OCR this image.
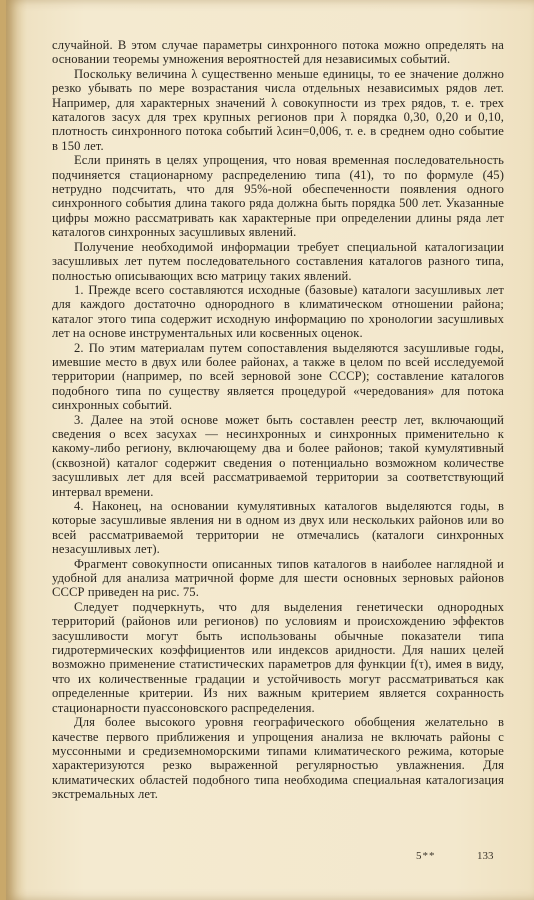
случайной. В этом случае параметры синхронного потока можно определять на основании теоремы умножения вероятностей для независимых событий.

Поскольку величина λ существенно меньше единицы, то ее значение должно резко убывать по мере возрастания числа отдельных независимых рядов лет. Например, для характерных значений λ совокупности из трех рядов, т. е. трех каталогов засух для трех крупных регионов при λ порядка 0,30, 0,20 и 0,10, плотность синхронного потока событий λсин=0,006, т. е. в среднем одно событие в 150 лет.

Если принять в целях упрощения, что новая временная последовательность подчиняется стационарному распределению типа (41), то по формуле (45) нетрудно подсчитать, что для 95%-ной обеспеченности появления одного синхронного события длина такого ряда должна быть порядка 500 лет. Указанные цифры можно рассматривать как характерные при определении длины ряда лет каталогов синхронных засушливых явлений.

Получение необходимой информации требует специальной каталогизации засушливых лет путем последовательного составления каталогов разного типа, полностью описывающих всю матрицу таких явлений.

1. Прежде всего составляются исходные (базовые) каталоги засушливых лет для каждого достаточно однородного в климатическом отношении района; каталог этого типа содержит исходную информацию по хронологии засушливых лет на основе инструментальных или косвенных оценок.

2. По этим материалам путем сопоставления выделяются засушливые годы, имевшие место в двух или более районах, а также в целом по всей исследуемой территории (например, по всей зерновой зоне СССР); составление каталогов подобного типа по существу является процедурой «чередования» для потока синхронных событий.

3. Далее на этой основе может быть составлен реестр лет, включающий сведения о всех засухах — несинхронных и синхронных применительно к какому-либо региону, включающему два и более районов; такой кумулятивный (сквозной) каталог содержит сведения о потенциально возможном количестве засушливых лет для всей рассматриваемой территории за соответствующий интервал времени.

4. Наконец, на основании кумулятивных каталогов выделяются годы, в которые засушливые явления ни в одном из двух или нескольких районов или во всей рассматриваемой территории не отмечались (каталоги синхронных незасушливых лет).

Фрагмент совокупности описанных типов каталогов в наиболее наглядной и удобной для анализа матричной форме для шести основных зерновых районов СССР приведен на рис. 75.

Следует подчеркнуть, что для выделения генетически однородных территорий (районов или регионов) по условиям и происхождению эффектов засушливости могут быть использованы обычные показатели типа гидротермических коэффициентов или индексов аридности. Для наших целей возможно применение статистических параметров для функции f(τ), имея в виду, что их количественные градации и устойчивость могут рассматриваться как определенные критерии. Из них важным критерием является сохранность стационарности пуассоновского распределения.

Для более высокого уровня географического обобщения желательно в качестве первого приближения и упрощения анализа не включать районы с муссонными и средиземноморскими типами климатического режима, которые характеризуются резко выраженной регулярностью увлажнения. Для климатических областей подобного типа необходима специальная каталогизация экстремальных лет.

5**	133
